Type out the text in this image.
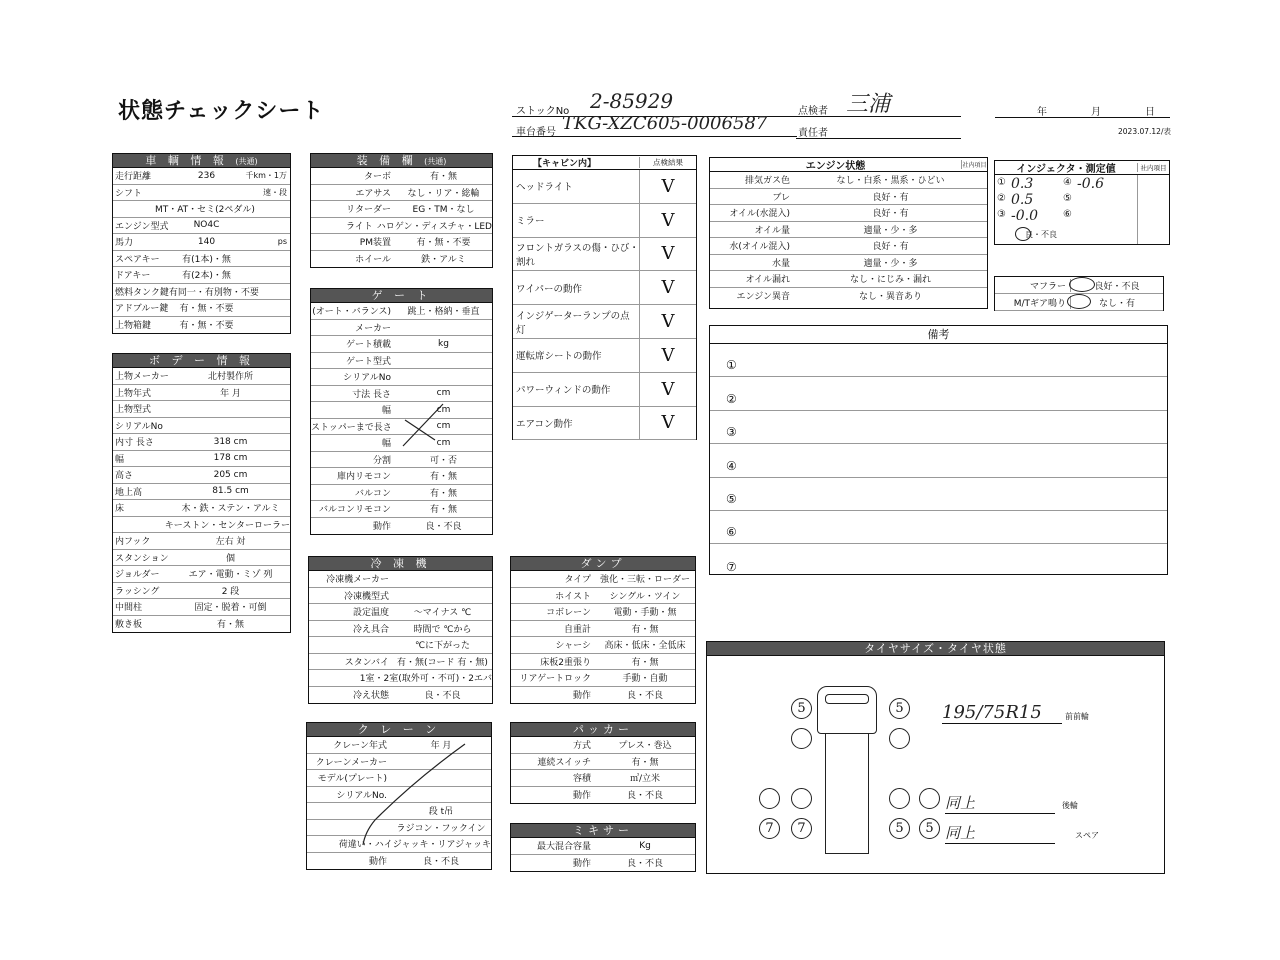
状態チェックシート	ストックNo 2-85929
車台番号 TKG-XZC605-0006587
点検者 三浦
責任者
年	月	日
2023.07.12/表
車 輌 情 報 (共通)
走行距離	236	千km・1万
シフト	速・段
MT・AT・セミ(2ペダル)
エンジン型式	NO4C
馬力	140	ps
スペアキー	有(1本)・無
ドアキー	有(2本)・無
燃料タンク鍵 有同一・有別物・不要
アドブルー鍵	有・無・不要
上物箱鍵	有・無・不要
ボ デ ー 情 報
上物メーカー	北村製作所
上物年式	年 月
上物型式
シリアルNo
内寸 長さ	318 cm
幅	178 cm
高さ	205 cm
地上高	81.5 cm
床	木・鉄・ステン・アルミ
キーストン・センターローラー
内フック	左右 対
スタンション	個
ジョルダー	エア・電動・ミゾ 列
ラッシング	2 段
中間柱	固定・脱着・可倒
敷き板	有・無
装 備 欄 (共通)
ターボ	有・無
エアサス	なし・リア・総輪
リターダー	EG・TM・なし
ライト ハロゲン・ディスチャ・LED
PM装置	有・無・不要
ホイール	鉄・アルミ
ゲ ー ト
(オート・バランス)	跳上・格納・垂直
メーカー
ゲート積載	kg
ゲート型式
シリアルNo
寸法 長さ	cm
幅	cm
ストッパーまで長さ	cm
幅	cm
分割	可・否
庫内リモコン	有・無
バルコン	有・無
バルコンリモコン	有・無
動作	良・不良
【キャビン内】	点検結果
ヘッドライト	V
ミラー	V
フロントガラスの傷・ひび・割れ	V
ワイパーの動作	V
インジゲーターランプの点灯	V
運転席シートの動作	V
パワーウィンドの動作	V
エアコン動作	V
エンジン状態	社内項目
排気ガス色	なし・白系・黒系・ひどい
ブレ	良好・有
オイル(水混入)	良好・有
オイル量	適量・少・多
水(オイル混入)	良好・有
水量	適量・少・多
オイル漏れ	なし・にじみ・漏れ
エンジン異音	なし・異音あり
インジェクタ・測定値	社内項目
① 0.3	④ -0.6
② 0.5	⑤
③ -0.0	⑥
良・不良
マフラー	良好・不良
M/Tギア鳴り	なし・有
備考
①
②
③
④
⑤
⑥
⑦
冷 凍 機
冷凍機メーカー
冷凍機型式
設定温度	〜マイナス ℃
冷え具合	時間で ℃から
℃に下がった
スタンバイ 有・無(コード 有・無)
1室・2室(取外可・不可)・2エバ
冷え状態	良・不良
ダンプ
タイプ 強化・三転・ローダー
ホイスト	シングル・ツイン
コボレーン	電動・手動・無
自重計	有・無
シャーシ	高床・低床・全低床
床板2重張り	有・無
リアゲートロック	手動・自動
動作	良・不良
ク レ ー ン
クレーン年式	年 月
クレーンメーカー
モデル(プレート)
シリアルNo.
段 t吊
ラジコン・フックイン
荷違い・ハイジャッキ・リアジャッキ
動作	良・不良
パッカー
方式	プレス・巻込
連続スイッチ	有・無
容積	㎥/立米
動作	良・不良
ミキサー
最大混合容量	Kg
動作	良・不良
タイヤサイズ・タイヤ状態
5	5
7	7	5	5
195/75R15	前前輪
同上	後輪
同上	スペア
